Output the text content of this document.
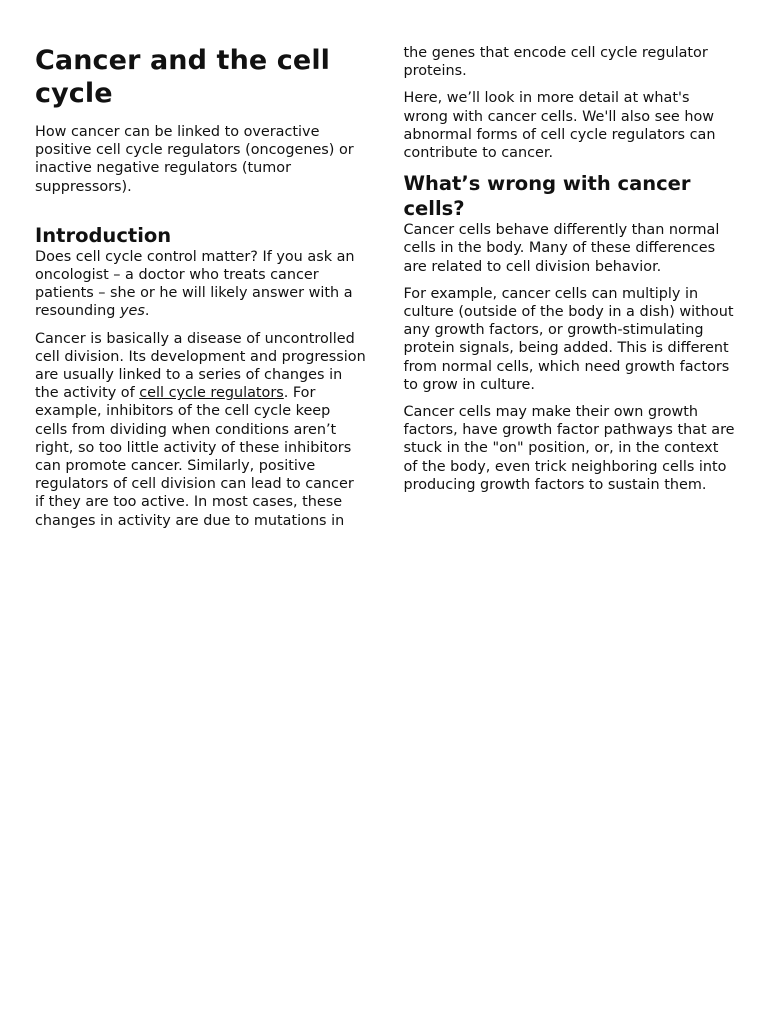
Cancer and the cell cycle

How cancer can be linked to overactive positive cell cycle regulators (oncogenes) or inactive negative regulators (tumor suppressors).

Introduction

Does cell cycle control matter? If you ask an oncologist – a doctor who treats cancer patients – she or he will likely answer with a resounding yes.

Cancer is basically a disease of uncontrolled cell division. Its development and progression are usually linked to a series of changes in the activity of cell cycle regulators. For example, inhibitors of the cell cycle keep cells from dividing when conditions aren’t right, so too little activity of these inhibitors can promote cancer. Similarly, positive regulators of cell division can lead to cancer if they are too active. In most cases, these changes in activity are due to mutations in the genes that encode cell cycle regulator proteins.

Here, we’ll look in more detail at what's wrong with cancer cells. We'll also see how abnormal forms of cell cycle regulators can contribute to cancer.

What’s wrong with cancer cells?

Cancer cells behave differently than normal cells in the body. Many of these differences are related to cell division behavior.

For example, cancer cells can multiply in culture (outside of the body in a dish) without any growth factors, or growth-stimulating protein signals, being added. This is different from normal cells, which need growth factors to grow in culture.

Cancer cells may make their own growth factors, have growth factor pathways that are stuck in the "on" position, or, in the context of the body, even trick neighboring cells into producing growth factors to sustain them.
